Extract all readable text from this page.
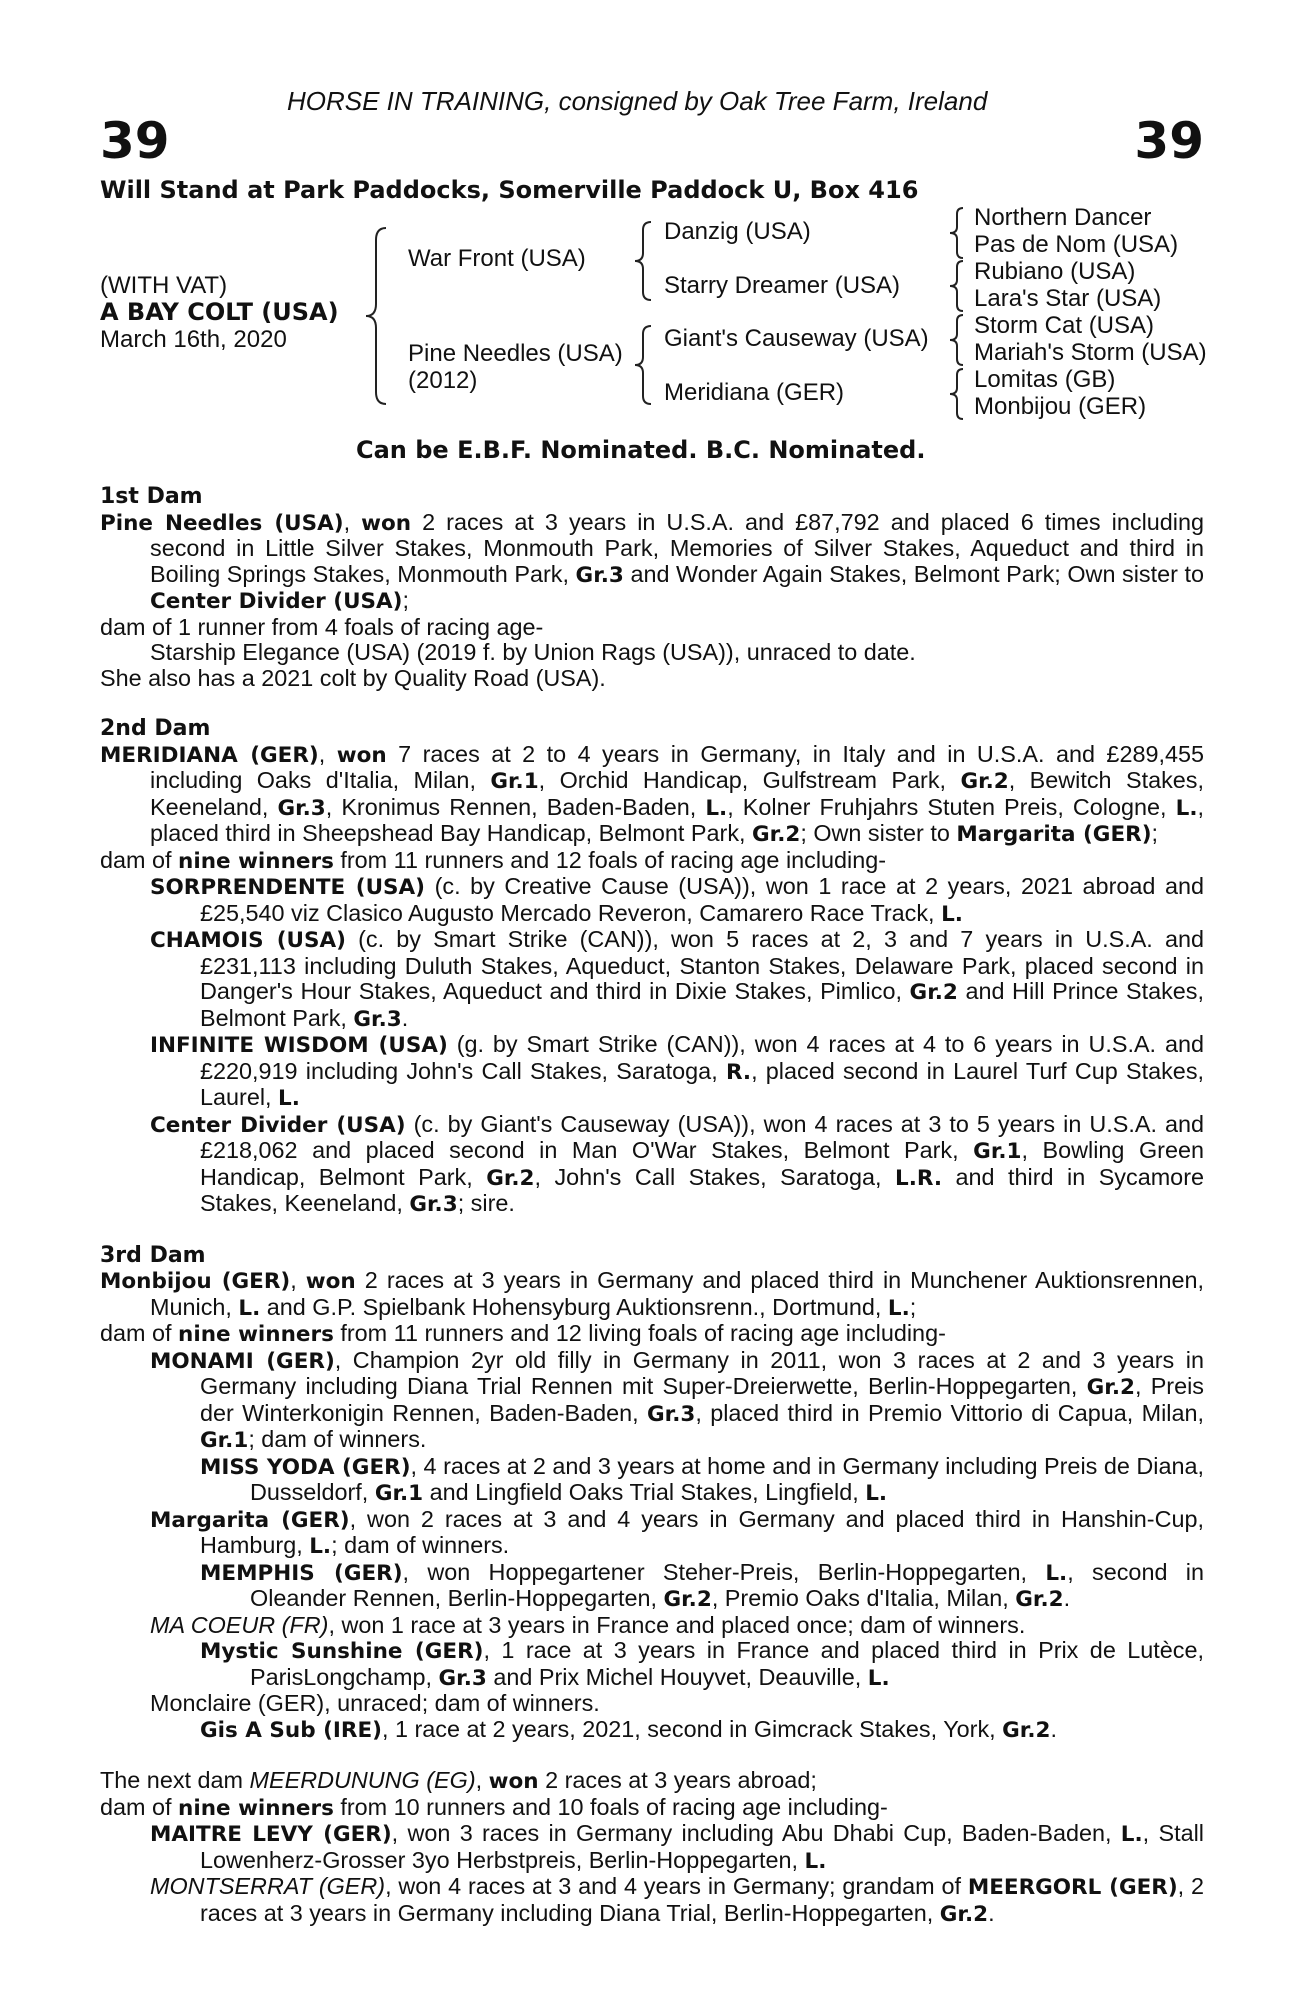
HORSE IN TRAINING, consigned by Oak Tree Farm, Ireland
39	39
Will Stand at Park Paddocks, Somerville Paddock U, Box 416
(WITH VAT)
A BAY COLT (USA)
March 16th, 2020
War Front (USA)
Pine Needles (USA)
(2012)
Danzig (USA)
Starry Dreamer (USA)
Giant's Causeway (USA)
Meridiana (GER)
Northern Dancer
Pas de Nom (USA)
Rubiano (USA)
Lara's Star (USA)
Storm Cat (USA)
Mariah's Storm (USA)
Lomitas (GB)
Monbijou (GER)
Can be E.B.F. Nominated. B.C. Nominated.
1st Dam
Pine Needles (USA), won 2 races at 3 years in U.S.A. and £87,792 and placed 6 times including second in Little Silver Stakes, Monmouth Park, Memories of Silver Stakes, Aqueduct and third in Boiling Springs Stakes, Monmouth Park, Gr.3 and Wonder Again Stakes, Belmont Park; Own sister to Center Divider (USA);
dam of 1 runner from 4 foals of racing age-
Starship Elegance (USA) (2019 f. by Union Rags (USA)), unraced to date.
She also has a 2021 colt by Quality Road (USA).
2nd Dam
MERIDIANA (GER), won 7 races at 2 to 4 years in Germany, in Italy and in U.S.A. and £289,455 including Oaks d'Italia, Milan, Gr.1, Orchid Handicap, Gulfstream Park, Gr.2, Bewitch Stakes, Keeneland, Gr.3, Kronimus Rennen, Baden-Baden, L., Kolner Fruhjahrs Stuten Preis, Cologne, L., placed third in Sheepshead Bay Handicap, Belmont Park, Gr.2; Own sister to Margarita (GER);
dam of nine winners from 11 runners and 12 foals of racing age including-
SORPRENDENTE (USA) (c. by Creative Cause (USA)), won 1 race at 2 years, 2021 abroad and £25,540 viz Clasico Augusto Mercado Reveron, Camarero Race Track, L.
CHAMOIS (USA) (c. by Smart Strike (CAN)), won 5 races at 2, 3 and 7 years in U.S.A. and £231,113 including Duluth Stakes, Aqueduct, Stanton Stakes, Delaware Park, placed second in Danger's Hour Stakes, Aqueduct and third in Dixie Stakes, Pimlico, Gr.2 and Hill Prince Stakes, Belmont Park, Gr.3.
INFINITE WISDOM (USA) (g. by Smart Strike (CAN)), won 4 races at 4 to 6 years in U.S.A. and £220,919 including John's Call Stakes, Saratoga, R., placed second in Laurel Turf Cup Stakes, Laurel, L.
Center Divider (USA) (c. by Giant's Causeway (USA)), won 4 races at 3 to 5 years in U.S.A. and £218,062 and placed second in Man O'War Stakes, Belmont Park, Gr.1, Bowling Green Handicap, Belmont Park, Gr.2, John's Call Stakes, Saratoga, L.R. and third in Sycamore Stakes, Keeneland, Gr.3; sire.
3rd Dam
Monbijou (GER), won 2 races at 3 years in Germany and placed third in Munchener Auktionsrennen, Munich, L. and G.P. Spielbank Hohensyburg Auktionsrenn., Dortmund, L.;
dam of nine winners from 11 runners and 12 living foals of racing age including-
MONAMI (GER), Champion 2yr old filly in Germany in 2011, won 3 races at 2 and 3 years in Germany including Diana Trial Rennen mit Super-Dreierwette, Berlin-Hoppegarten, Gr.2, Preis der Winterkonigin Rennen, Baden-Baden, Gr.3, placed third in Premio Vittorio di Capua, Milan, Gr.1; dam of winners.
MISS YODA (GER), 4 races at 2 and 3 years at home and in Germany including Preis de Diana, Dusseldorf, Gr.1 and Lingfield Oaks Trial Stakes, Lingfield, L.
Margarita (GER), won 2 races at 3 and 4 years in Germany and placed third in Hanshin-Cup, Hamburg, L.; dam of winners.
MEMPHIS (GER), won Hoppegartener Steher-Preis, Berlin-Hoppegarten, L., second in Oleander Rennen, Berlin-Hoppegarten, Gr.2, Premio Oaks d'Italia, Milan, Gr.2.
MA COEUR (FR), won 1 race at 3 years in France and placed once; dam of winners.
Mystic Sunshine (GER), 1 race at 3 years in France and placed third in Prix de Lutèce, ParisLongchamp, Gr.3 and Prix Michel Houyvet, Deauville, L.
Monclaire (GER), unraced; dam of winners.
Gis A Sub (IRE), 1 race at 2 years, 2021, second in Gimcrack Stakes, York, Gr.2.
The next dam MEERDUNUNG (EG), won 2 races at 3 years abroad;
dam of nine winners from 10 runners and 10 foals of racing age including-
MAITRE LEVY (GER), won 3 races in Germany including Abu Dhabi Cup, Baden-Baden, L., Stall Lowenherz-Grosser 3yo Herbstpreis, Berlin-Hoppegarten, L.
MONTSERRAT (GER), won 4 races at 3 and 4 years in Germany; grandam of MEERGORL (GER), 2 races at 3 years in Germany including Diana Trial, Berlin-Hoppegarten, Gr.2.
